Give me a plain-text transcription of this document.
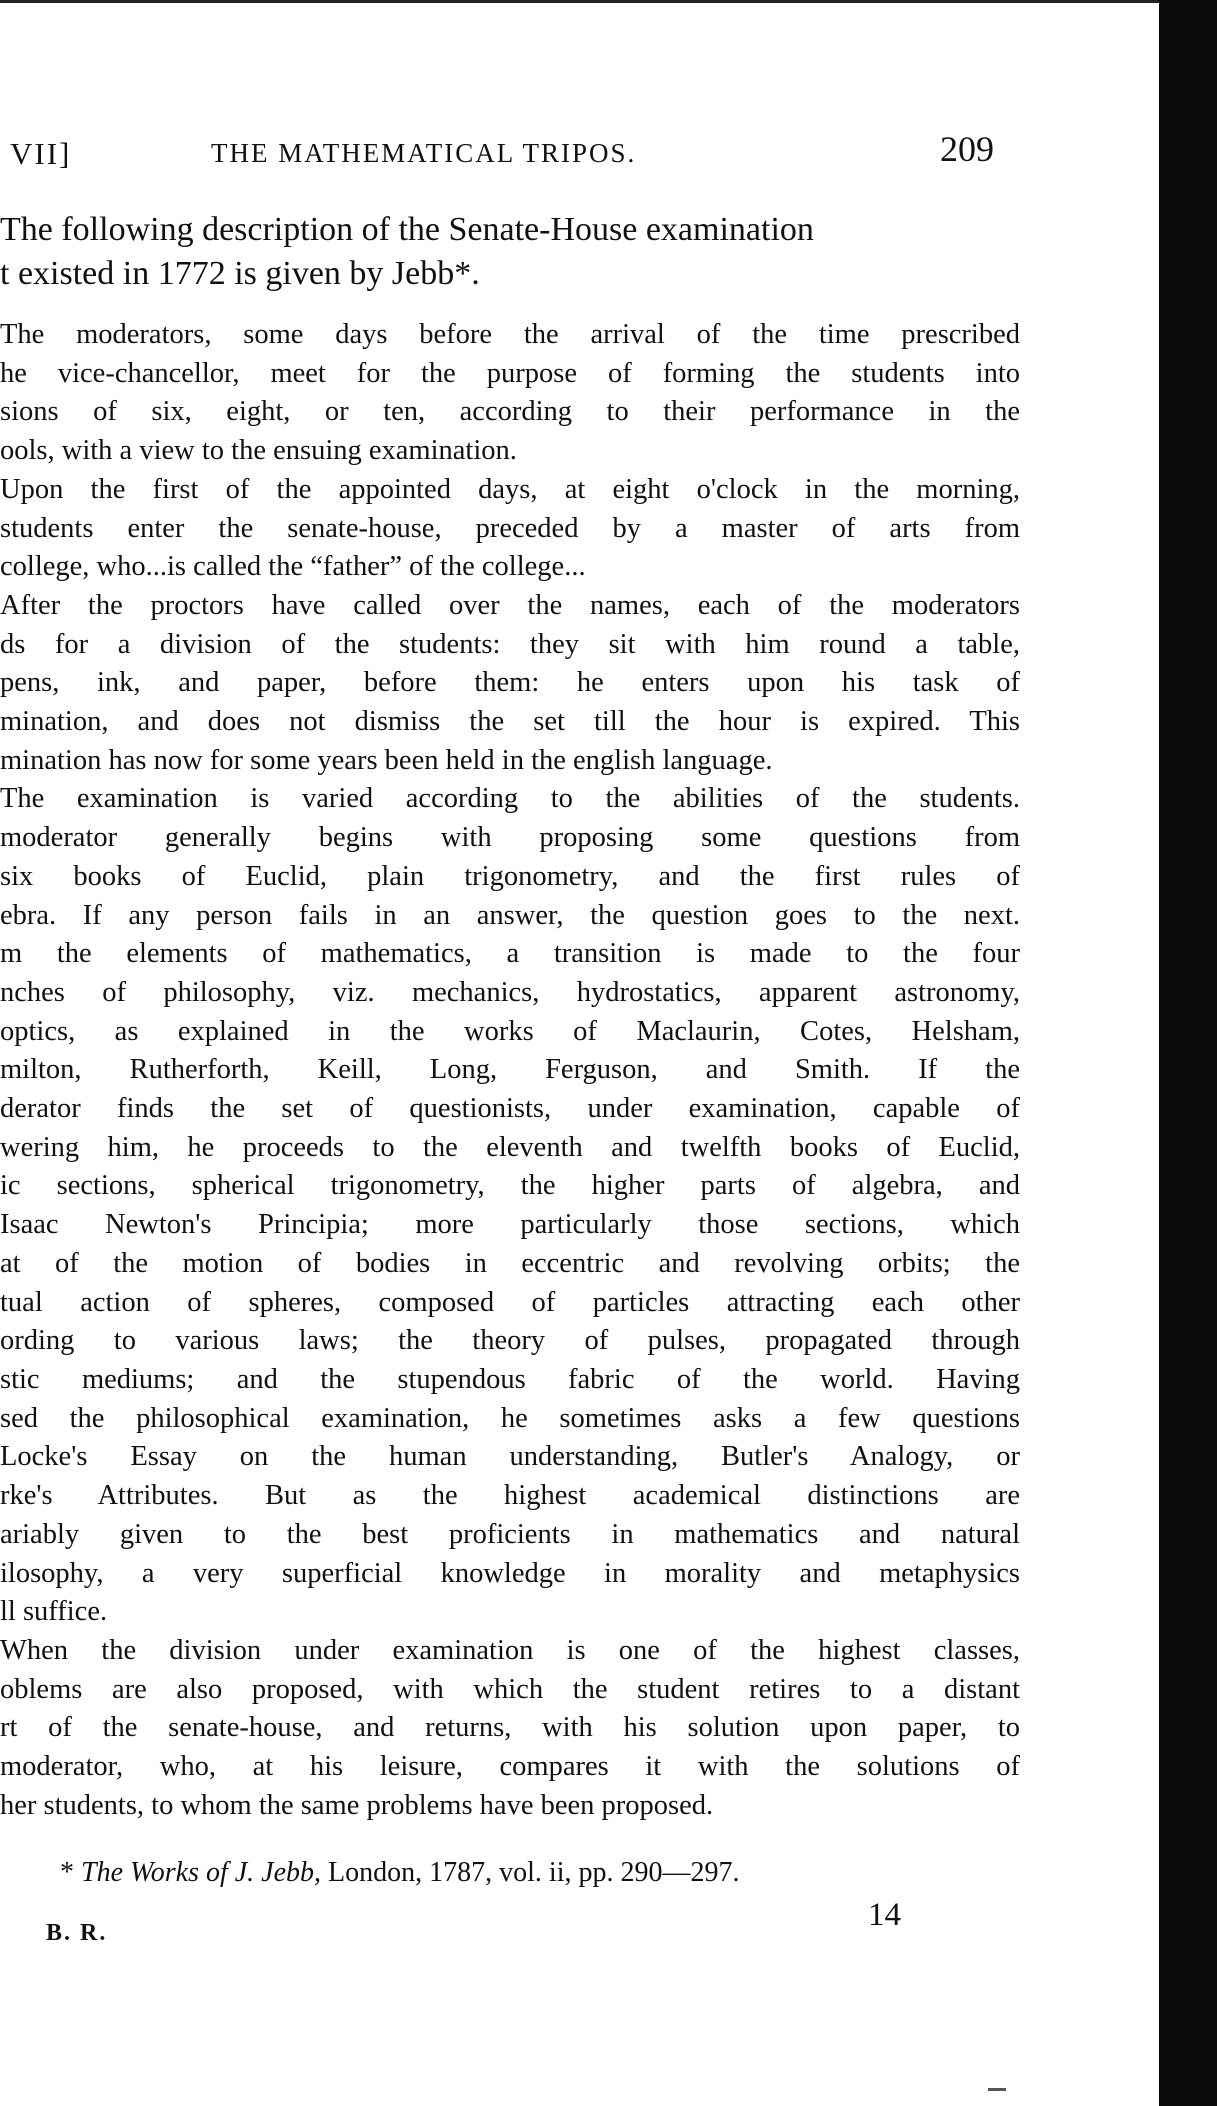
VII]	THE MATHEMATICAL TRIPOS.	209
The following description of the Senate-House examination
t existed in 1772 is given by Jebb*.
The moderators, some days before the arrival of the time prescribed
he vice-chancellor, meet for the purpose of forming the students into
sions of six, eight, or ten, according to their performance in the
ools, with a view to the ensuing examination.
Upon the first of the appointed days, at eight o'clock in the morning,
students enter the senate-house, preceded by a master of arts from
college, who...is called the “father” of the college...
After the proctors have called over the names, each of the moderators
ds for a division of the students: they sit with him round a table,
pens, ink, and paper, before them: he enters upon his task of
mination, and does not dismiss the set till the hour is expired. This
mination has now for some years been held in the english language.
The examination is varied according to the abilities of the students.
moderator generally begins with proposing some questions from
six books of Euclid, plain trigonometry, and the first rules of
ebra. If any person fails in an answer, the question goes to the next.
m the elements of mathematics, a transition is made to the four
nches of philosophy, viz. mechanics, hydrostatics, apparent astronomy,
optics, as explained in the works of Maclaurin, Cotes, Helsham,
milton, Rutherforth, Keill, Long, Ferguson, and Smith. If the
derator finds the set of questionists, under examination, capable of
wering him, he proceeds to the eleventh and twelfth books of Euclid,
ic sections, spherical trigonometry, the higher parts of algebra, and
Isaac Newton's Principia; more particularly those sections, which
at of the motion of bodies in eccentric and revolving orbits; the
tual action of spheres, composed of particles attracting each other
ording to various laws; the theory of pulses, propagated through
stic mediums; and the stupendous fabric of the world. Having
sed the philosophical examination, he sometimes asks a few questions
Locke's Essay on the human understanding, Butler's Analogy, or
rke's Attributes. But as the highest academical distinctions are
ariably given to the best proficients in mathematics and natural
ilosophy, a very superficial knowledge in morality and metaphysics
ll suffice.
When the division under examination is one of the highest classes,
oblems are also proposed, with which the student retires to a distant
rt of the senate-house, and returns, with his solution upon paper, to
moderator, who, at his leisure, compares it with the solutions of
her students, to whom the same problems have been proposed.
* The Works of J. Jebb, London, 1787, vol. ii, pp. 290—297.
B. R.	14
